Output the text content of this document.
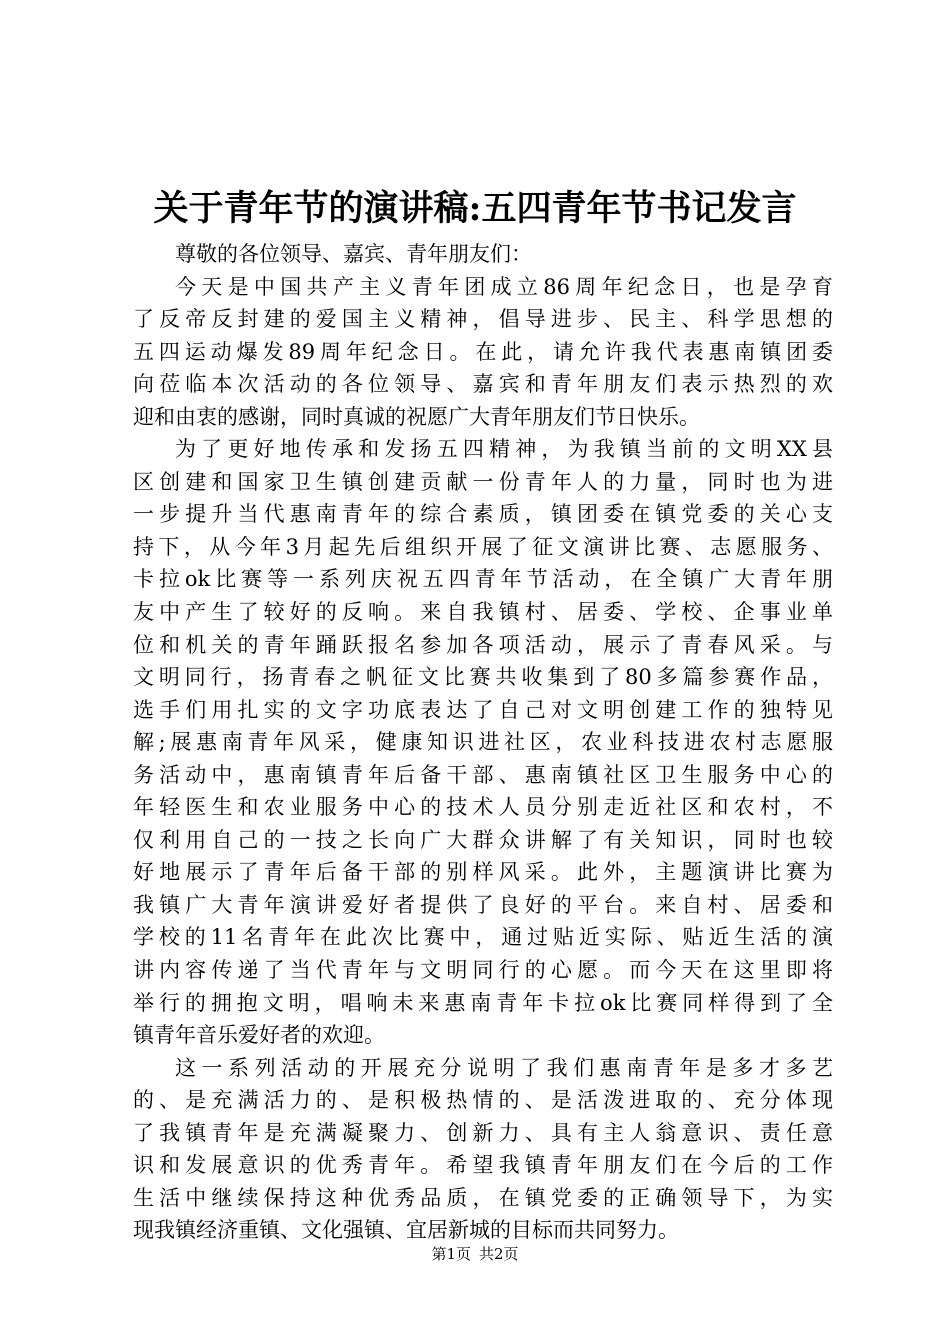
关于青年节的演讲稿:五四青年节书记发言
尊敬的各位领导、嘉宾、青年朋友们：
今天是中国共产主义青年团成立86周年纪念日，也是孕育
了反帝反封建的爱国主义精神，倡导进步、民主、科学思想的
五四运动爆发89周年纪念日。在此，请允许我代表惠南镇团委
向莅临本次活动的各位领导、嘉宾和青年朋友们表示热烈的欢
迎和由衷的感谢，同时真诚的祝愿广大青年朋友们节日快乐。
为了更好地传承和发扬五四精神，为我镇当前的文明XX县
区创建和国家卫生镇创建贡献一份青年人的力量，同时也为进
一步提升当代惠南青年的综合素质，镇团委在镇党委的关心支
持下，从今年3月起先后组织开展了征文演讲比赛、志愿服务、
卡拉ok比赛等一系列庆祝五四青年节活动，在全镇广大青年朋
友中产生了较好的反响。来自我镇村、居委、学校、企事业单
位和机关的青年踊跃报名参加各项活动，展示了青春风采。与
文明同行，扬青春之帆征文比赛共收集到了80多篇参赛作品，
选手们用扎实的文字功底表达了自己对文明创建工作的独特见
解;展惠南青年风采，健康知识进社区，农业科技进农村志愿服
务活动中，惠南镇青年后备干部、惠南镇社区卫生服务中心的
年轻医生和农业服务中心的技术人员分别走近社区和农村，不
仅利用自己的一技之长向广大群众讲解了有关知识，同时也较
好地展示了青年后备干部的别样风采。此外，主题演讲比赛为
我镇广大青年演讲爱好者提供了良好的平台。来自村、居委和
学校的11名青年在此次比赛中，通过贴近实际、贴近生活的演
讲内容传递了当代青年与文明同行的心愿。而今天在这里即将
举行的拥抱文明，唱响未来惠南青年卡拉ok比赛同样得到了全
镇青年音乐爱好者的欢迎。
这一系列活动的开展充分说明了我们惠南青年是多才多艺
的、是充满活力的、是积极热情的、是活泼进取的、充分体现
了我镇青年是充满凝聚力、创新力、具有主人翁意识、责任意
识和发展意识的优秀青年。希望我镇青年朋友们在今后的工作
生活中继续保持这种优秀品质，在镇党委的正确领导下，为实
现我镇经济重镇、文化强镇、宜居新城的目标而共同努力。
第1页 共2页
